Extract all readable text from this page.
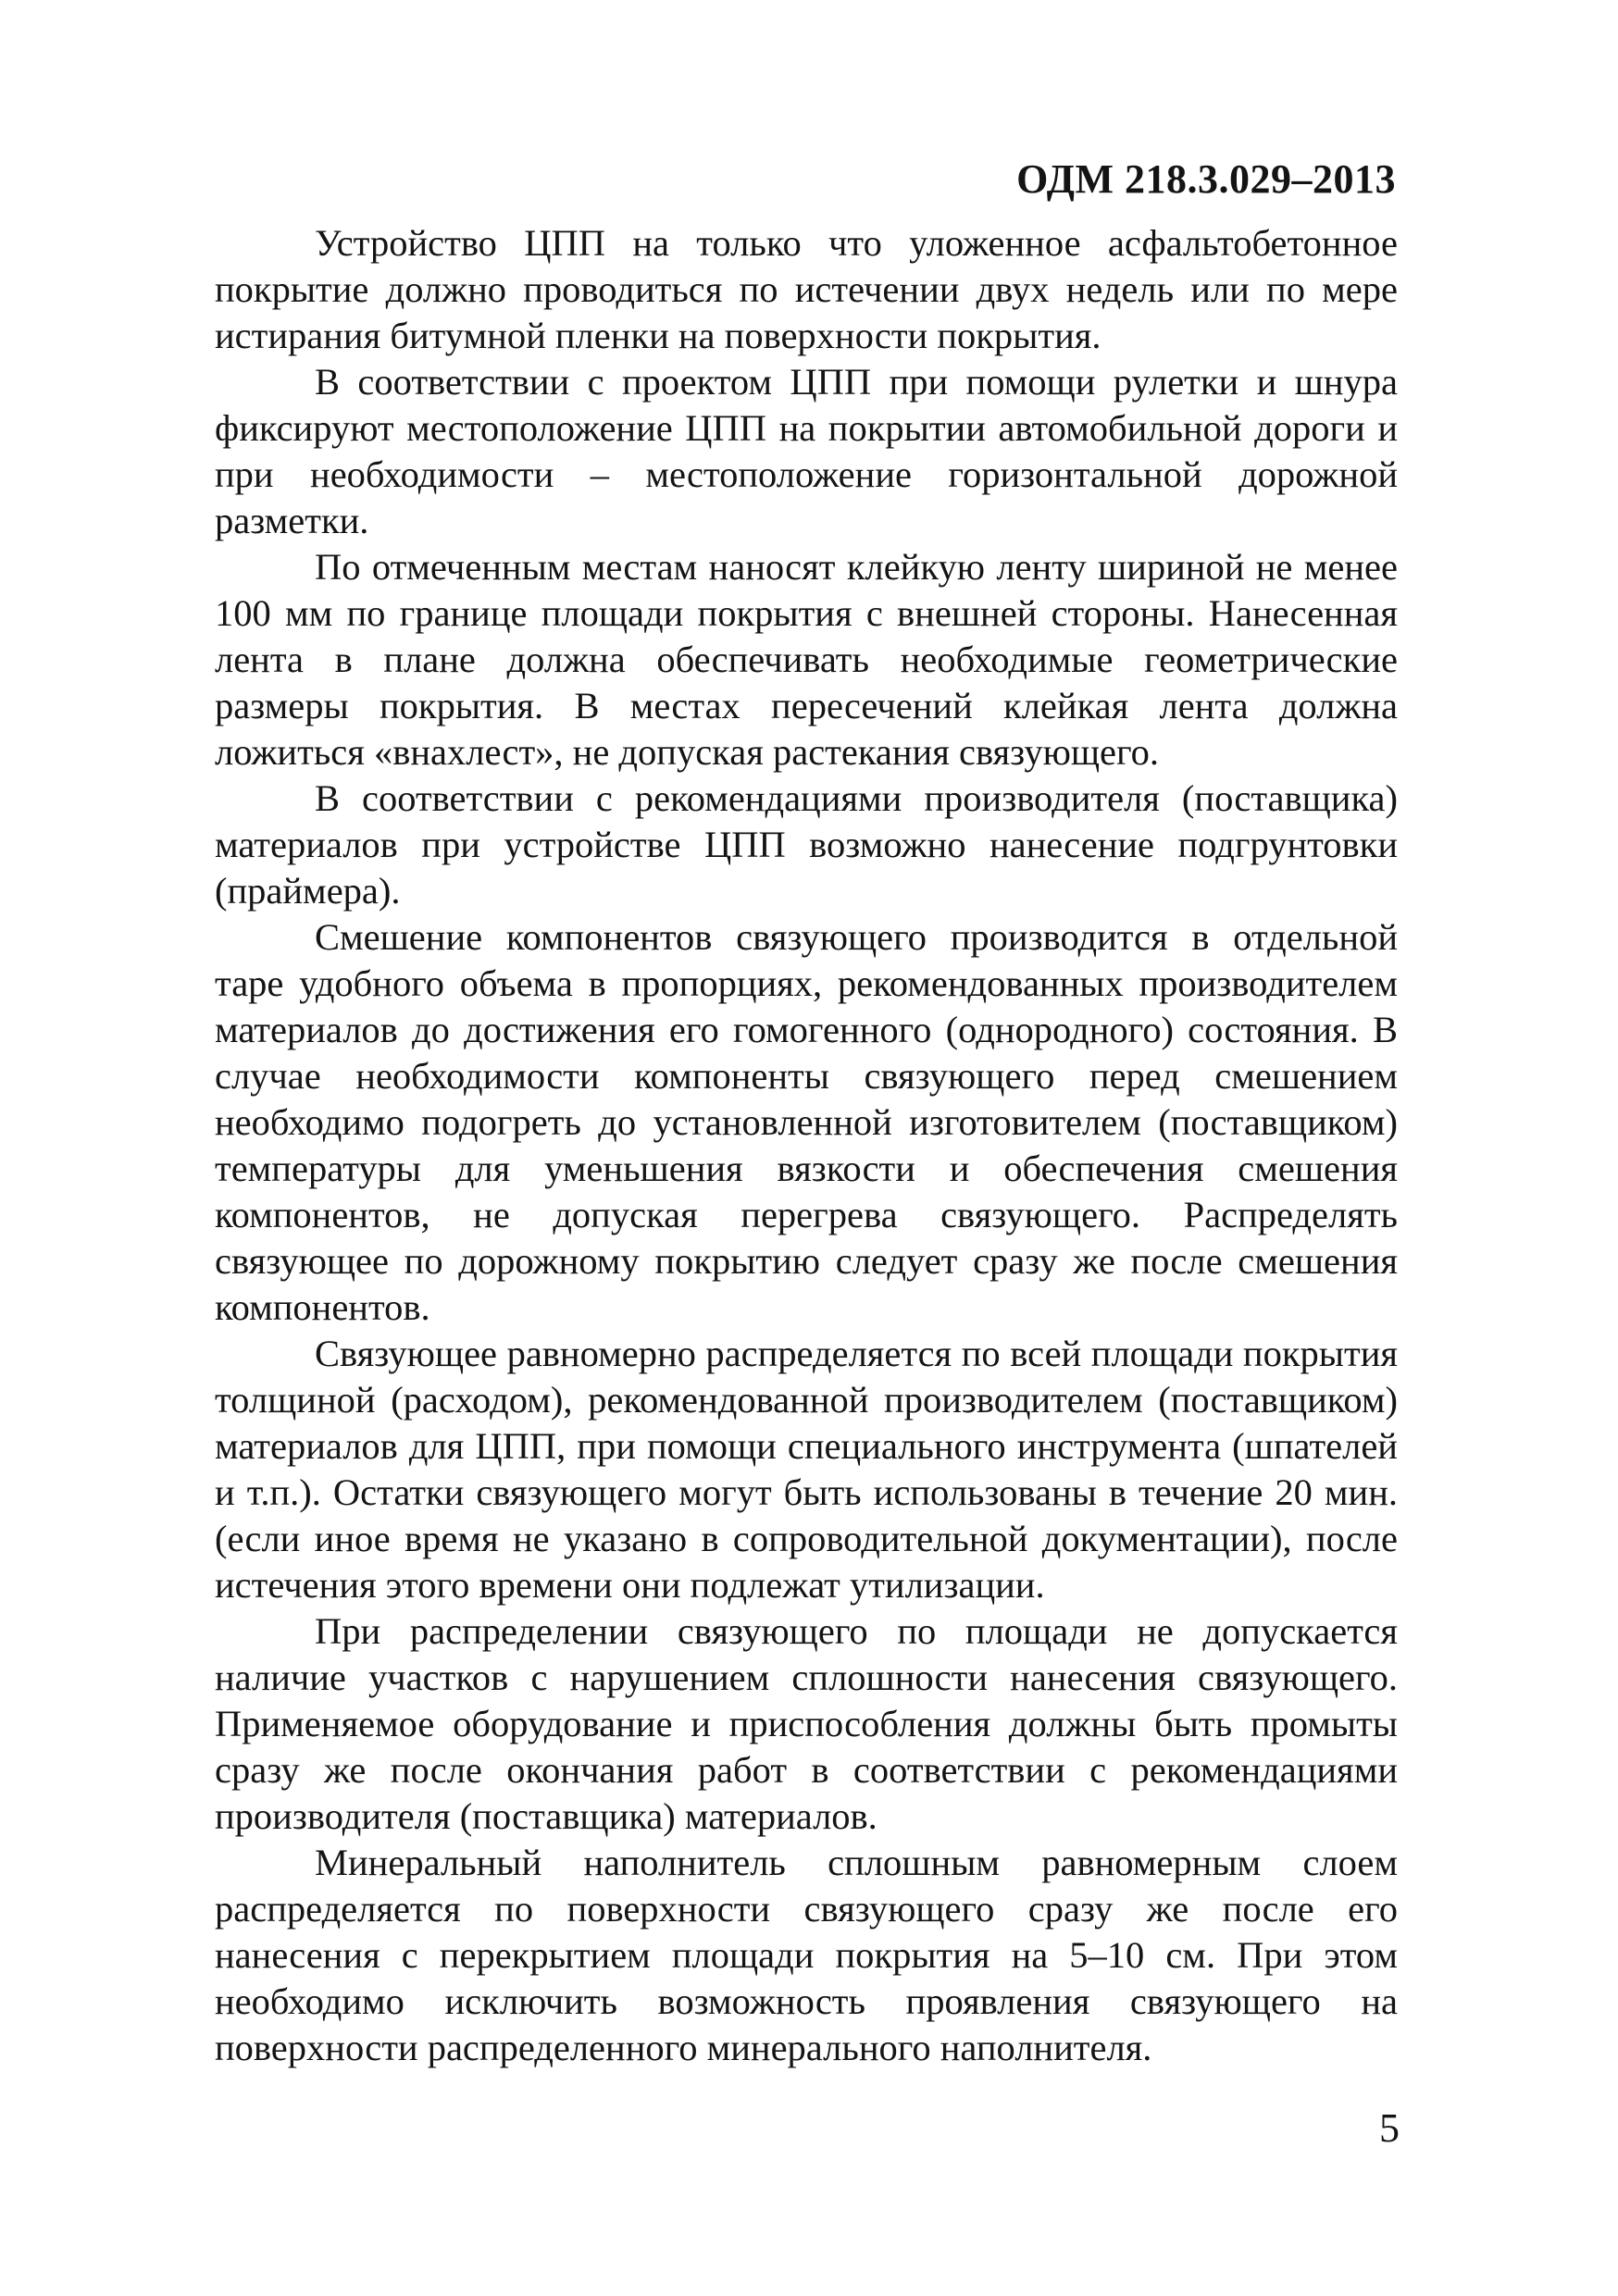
ОДМ 218.3.029–2013

Устройство ЦПП на только что уложенное асфальтобетонное покрытие должно проводиться по истечении двух недель или по мере истирания битумной пленки на поверхности покрытия.

В соответствии с проектом ЦПП при помощи рулетки и шнура фиксируют местоположение ЦПП на покрытии автомобильной дороги и при необходимости – местоположение горизонтальной дорожной разметки.

По отмеченным местам наносят клейкую ленту шириной не менее 100 мм по границе площади покрытия с внешней стороны. Нанесенная лента в плане должна обеспечивать необходимые геометрические размеры покрытия. В местах пересечений клейкая лента должна ложиться «внахлест», не допуская растекания связующего.

В соответствии с рекомендациями производителя (поставщика) материалов при устройстве ЦПП возможно нанесение подгрунтовки (праймера).

Смешение компонентов связующего производится в отдельной таре удобного объема в пропорциях, рекомендованных производителем материалов до достижения его гомогенного (однородного) состояния. В случае необходимости компоненты связующего перед смешением необходимо подогреть до установленной изготовителем (поставщиком) температуры для уменьшения вязкости и обеспечения смешения компонентов, не допуская перегрева связующего. Распределять связующее по дорожному покрытию следует сразу же после смешения компонентов.

Связующее равномерно распределяется по всей площади покрытия толщиной (расходом), рекомендованной производителем (поставщиком) материалов для ЦПП, при помощи специального инструмента (шпателей и т.п.). Остатки связующего могут быть использованы в течение 20 мин. (если иное время не указано в сопроводительной документации), после истечения этого времени они подлежат утилизации.

При распределении связующего по площади не допускается наличие участков с нарушением сплошности нанесения связующего. Применяемое оборудование и приспособления должны быть промыты сразу же после окончания работ в соответствии с рекомендациями производителя (поставщика) материалов.

Минеральный наполнитель сплошным равномерным слоем распределяется по поверхности связующего сразу же после его нанесения с перекрытием площади покрытия на 5–10 см. При этом необходимо исключить возможность проявления связующего на поверхности распределенного минерального наполнителя.

5
